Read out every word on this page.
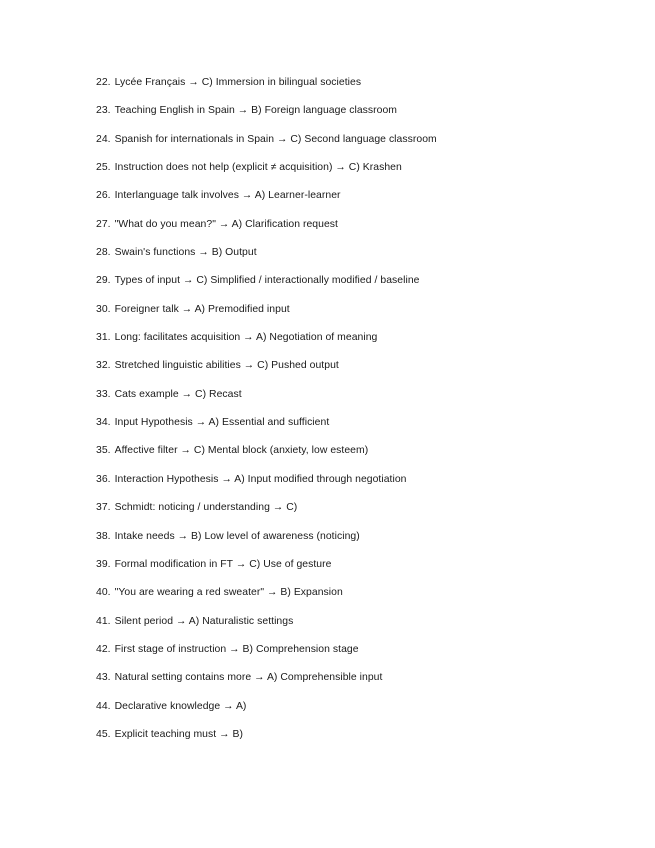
22. Lycée Français → C) Immersion in bilingual societies
23. Teaching English in Spain → B) Foreign language classroom
24. Spanish for internationals in Spain → C) Second language classroom
25. Instruction does not help (explicit ≠ acquisition) → C) Krashen
26. Interlanguage talk involves → A) Learner-learner
27. "What do you mean?" → A) Clarification request
28. Swain's functions → B) Output
29. Types of input → C) Simplified / interactionally modified / baseline
30. Foreigner talk → A) Premodified input
31. Long: facilitates acquisition → A) Negotiation of meaning
32. Stretched linguistic abilities → C) Pushed output
33. Cats example → C) Recast
34. Input Hypothesis → A) Essential and sufficient
35. Affective filter → C) Mental block (anxiety, low esteem)
36. Interaction Hypothesis → A) Input modified through negotiation
37. Schmidt: noticing / understanding → C)
38. Intake needs → B) Low level of awareness (noticing)
39. Formal modification in FT → C) Use of gesture
40. "You are wearing a red sweater" → B) Expansion
41. Silent period → A) Naturalistic settings
42. First stage of instruction → B) Comprehension stage
43. Natural setting contains more → A) Comprehensible input
44. Declarative knowledge → A)
45. Explicit teaching must → B)
